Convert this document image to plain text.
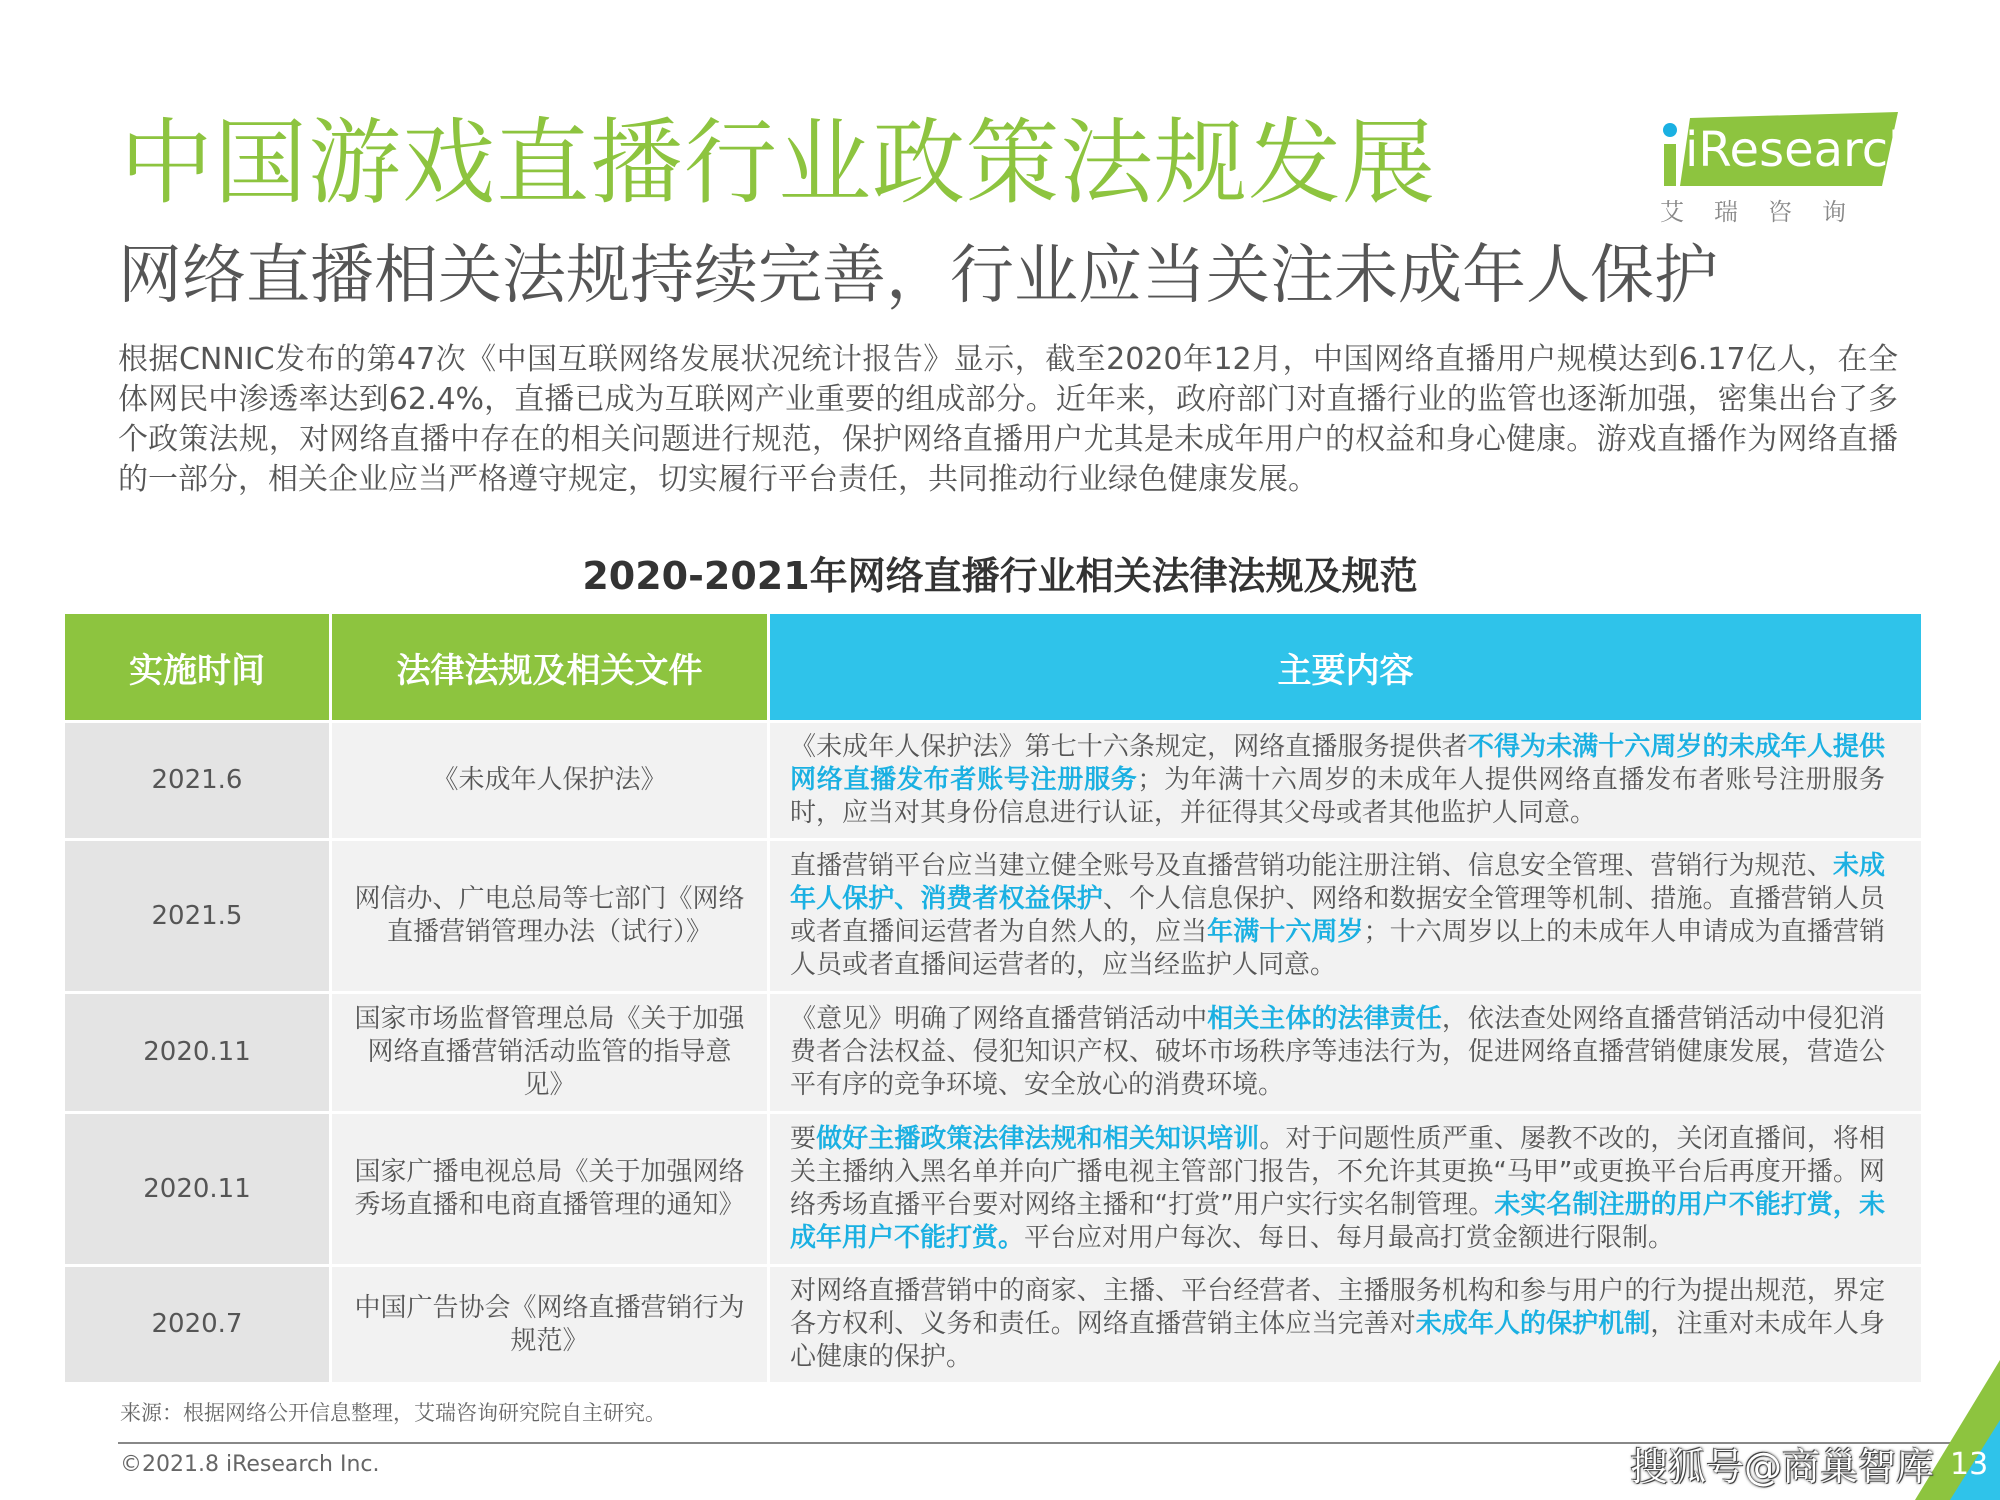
中国游戏直播行业政策法规发展
网络直播相关法规持续完善，行业应当关注未成年人保护
iResearch
艾瑞咨询
根据CNNIC发布的第47次《中国互联网络发展状况统计报告》显示，截至2020年12月，中国网络直播用户规模达到6.17亿人，在全体网民中渗透率达到62.4%，直播已成为互联网产业重要的组成部分。近年来，政府部门对直播行业的监管也逐渐加强，密集出台了多个政策法规，对网络直播中存在的相关问题进行规范，保护网络直播用户尤其是未成年用户的权益和身心健康。游戏直播作为网络直播的一部分，相关企业应当严格遵守规定，切实履行平台责任，共同推动行业绿色健康发展。
2020-2021年网络直播行业相关法律法规及规范
实施时间	法律法规及相关文件	主要内容
2021.6	《未成年人保护法》	《未成年人保护法》第七十六条规定，网络直播服务提供者不得为未满十六周岁的未成年人提供网络直播发布者账号注册服务；为年满十六周岁的未成年人提供网络直播发布者账号注册服务时，应当对其身份信息进行认证，并征得其父母或者其他监护人同意。
2021.5	网信办、广电总局等七部门《网络直播营销管理办法（试行）》	直播营销平台应当建立健全账号及直播营销功能注册注销、信息安全管理、营销行为规范、未成年人保护、消费者权益保护、个人信息保护、网络和数据安全管理等机制、措施。直播营销人员或者直播间运营者为自然人的，应当年满十六周岁；十六周岁以上的未成年人申请成为直播营销人员或者直播间运营者的，应当经监护人同意。
2020.11	国家市场监督管理总局《关于加强网络直播营销活动监管的指导意见》	《意见》明确了网络直播营销活动中相关主体的法律责任，依法查处网络直播营销活动中侵犯消费者合法权益、侵犯知识产权、破坏市场秩序等违法行为，促进网络直播营销健康发展，营造公平有序的竞争环境、安全放心的消费环境。
2020.11	国家广播电视总局《关于加强网络秀场直播和电商直播管理的通知》	要做好主播政策法律法规和相关知识培训。对于问题性质严重、屡教不改的，关闭直播间，将相关主播纳入黑名单并向广播电视主管部门报告，不允许其更换“马甲”或更换平台后再度开播。网络秀场直播平台要对网络主播和“打赏”用户实行实名制管理。未实名制注册的用户不能打赏，未成年用户不能打赏。平台应对用户每次、每日、每月最高打赏金额进行限制。
2020.7	中国广告协会《网络直播营销行为规范》	对网络直播营销中的商家、主播、平台经营者、主播服务机构和参与用户的行为提出规范，界定各方权利、义务和责任。网络直播营销主体应当完善对未成年人的保护机制，注重对未成年人身心健康的保护。
来源：根据网络公开信息整理，艾瑞咨询研究院自主研究。
©2021.8 iResearch Inc.	13
搜狐号@商巢智库
